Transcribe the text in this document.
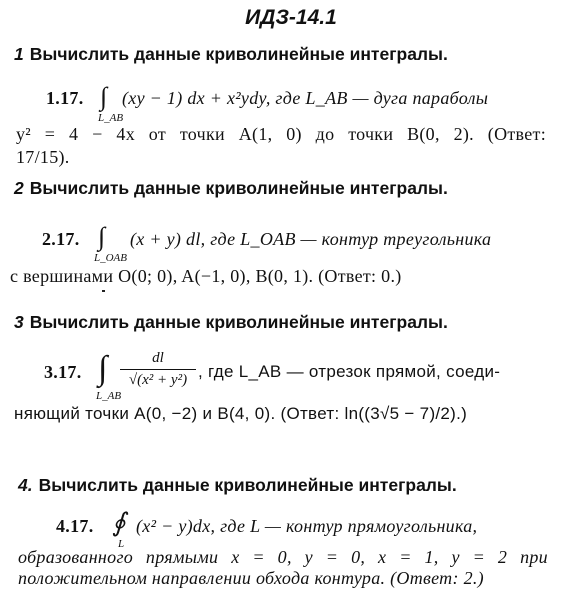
ИДЗ-14.1
1 Вычислить данные криволинейные интегралы.
1.17. ∫
L_AB
(xy − 1) dx + x²ydy, где L_AB — дуга параболы
y² = 4 − 4x от точки A(1, 0) до точки B(0, 2). (Ответ:
17/15).
2 Вычислить данные криволинейные интегралы.
2.17. ∫
L_OAB
(x + y) dl, где L_OAB — контур треугольника
с вершинами O(0; 0), A(−1, 0), B(0, 1). (Ответ: 0.)
3 Вычислить данные криволинейные интегралы.
3.17. ∫
L_AB
dl
√(x² + y²) , где L_AB — отрезок прямой, соеди-
няющий точки A(0, −2) и B(4, 0). (Ответ: ln((3√5 − 7)/2).)
4. Вычислить данные криволинейные интегралы.
4.17. ∮
L
(x² − y)dx, где L — контур прямоугольника,
образованного прямыми x = 0, y = 0, x = 1, y = 2 при
положительном направлении обхода контура. (Ответ: 2.)
